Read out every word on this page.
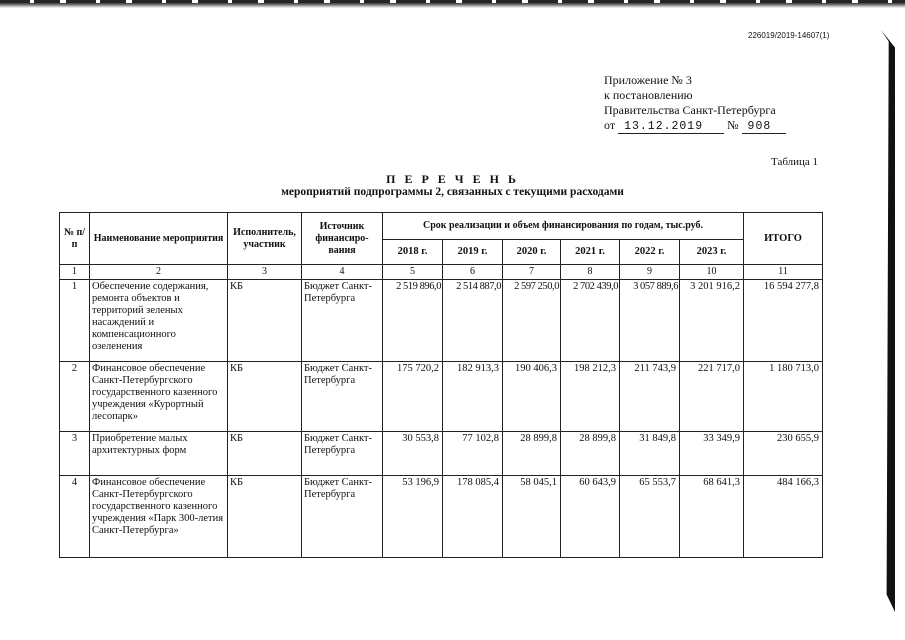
226019/2019-14607(1)
Приложение № 3
к постановлению
Правительства Санкт-Петербурга
от 13.12.2019 № 908
Таблица 1
П Е Р Е Ч Е Н Ь
мероприятий подпрограммы 2, связанных с текущими расходами
№ п/п	Наименование мероприятия	Исполнитель, участник	Источник финансиро-вания	Срок реализации и объем финансирования по годам, тыс.руб.						ИТОГО
				2018 г.	2019 г.	2020 г.	2021 г.	2022 г.	2023 г.	
1	2	3	4	5	6	7	8	9	10	11
1	Обеспечение содержания, ремонта объектов и территорий зеленых насаждений и компенсационного озеленения	КБ	Бюджет Санкт-Петербурга	2 519 896,0	2 514 887,0	2 597 250,0	2 702 439,0	3 057 889,6	3 201 916,2	16 594 277,8
2	Финансовое обеспечение Санкт-Петербургского государственного казенного учреждения «Курортный лесопарк»	КБ	Бюджет Санкт-Петербурга	175 720,2	182 913,3	190 406,3	198 212,3	211 743,9	221 717,0	1 180 713,0
3	Приобретение малых архитектурных форм	КБ	Бюджет Санкт-Петербурга	30 553,8	77 102,8	28 899,8	28 899,8	31 849,8	33 349,9	230 655,9
4	Финансовое обеспечение Санкт-Петербургского государственного казенного учреждения «Парк 300-летия Санкт-Петербурга»	КБ	Бюджет Санкт-Петербурга	53 196,9	178 085,4	58 045,1	60 643,9	65 553,7	68 641,3	484 166,3
